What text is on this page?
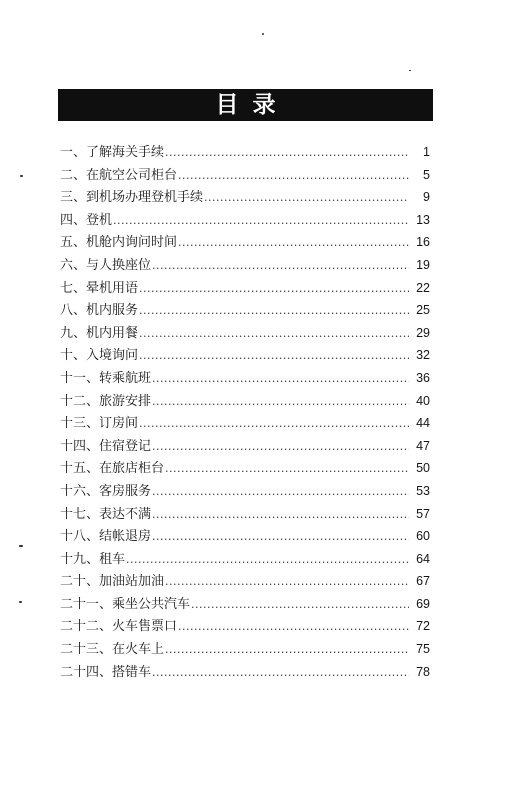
目录
一、了解海关手续 .....	1
二、在航空公司柜台 .....	5
三、到机场办理登机手续 .....	9
四、登机 .....	13
五、机舱内询问时间 .....	16
六、与人换座位 .....	19
七、晕机用语 .....	22
八、机内服务 .....	25
九、机内用餐 .....	29
十、入境询问 .....	32
十一、转乘航班 .....	36
十二、旅游安排 .....	40
十三、订房间 .....	44
十四、住宿登记 .....	47
十五、在旅店柜台 .....	50
十六、客房服务 .....	53
十七、表达不满 .....	57
十八、结帐退房 .....	60
十九、租车 .....	64
二十、加油站加油 .....	67
二十一、乘坐公共汽车 .....	69
二十二、火车售票口 .....	72
二十三、在火车上 .....	75
二十四、搭错车 .....	78
